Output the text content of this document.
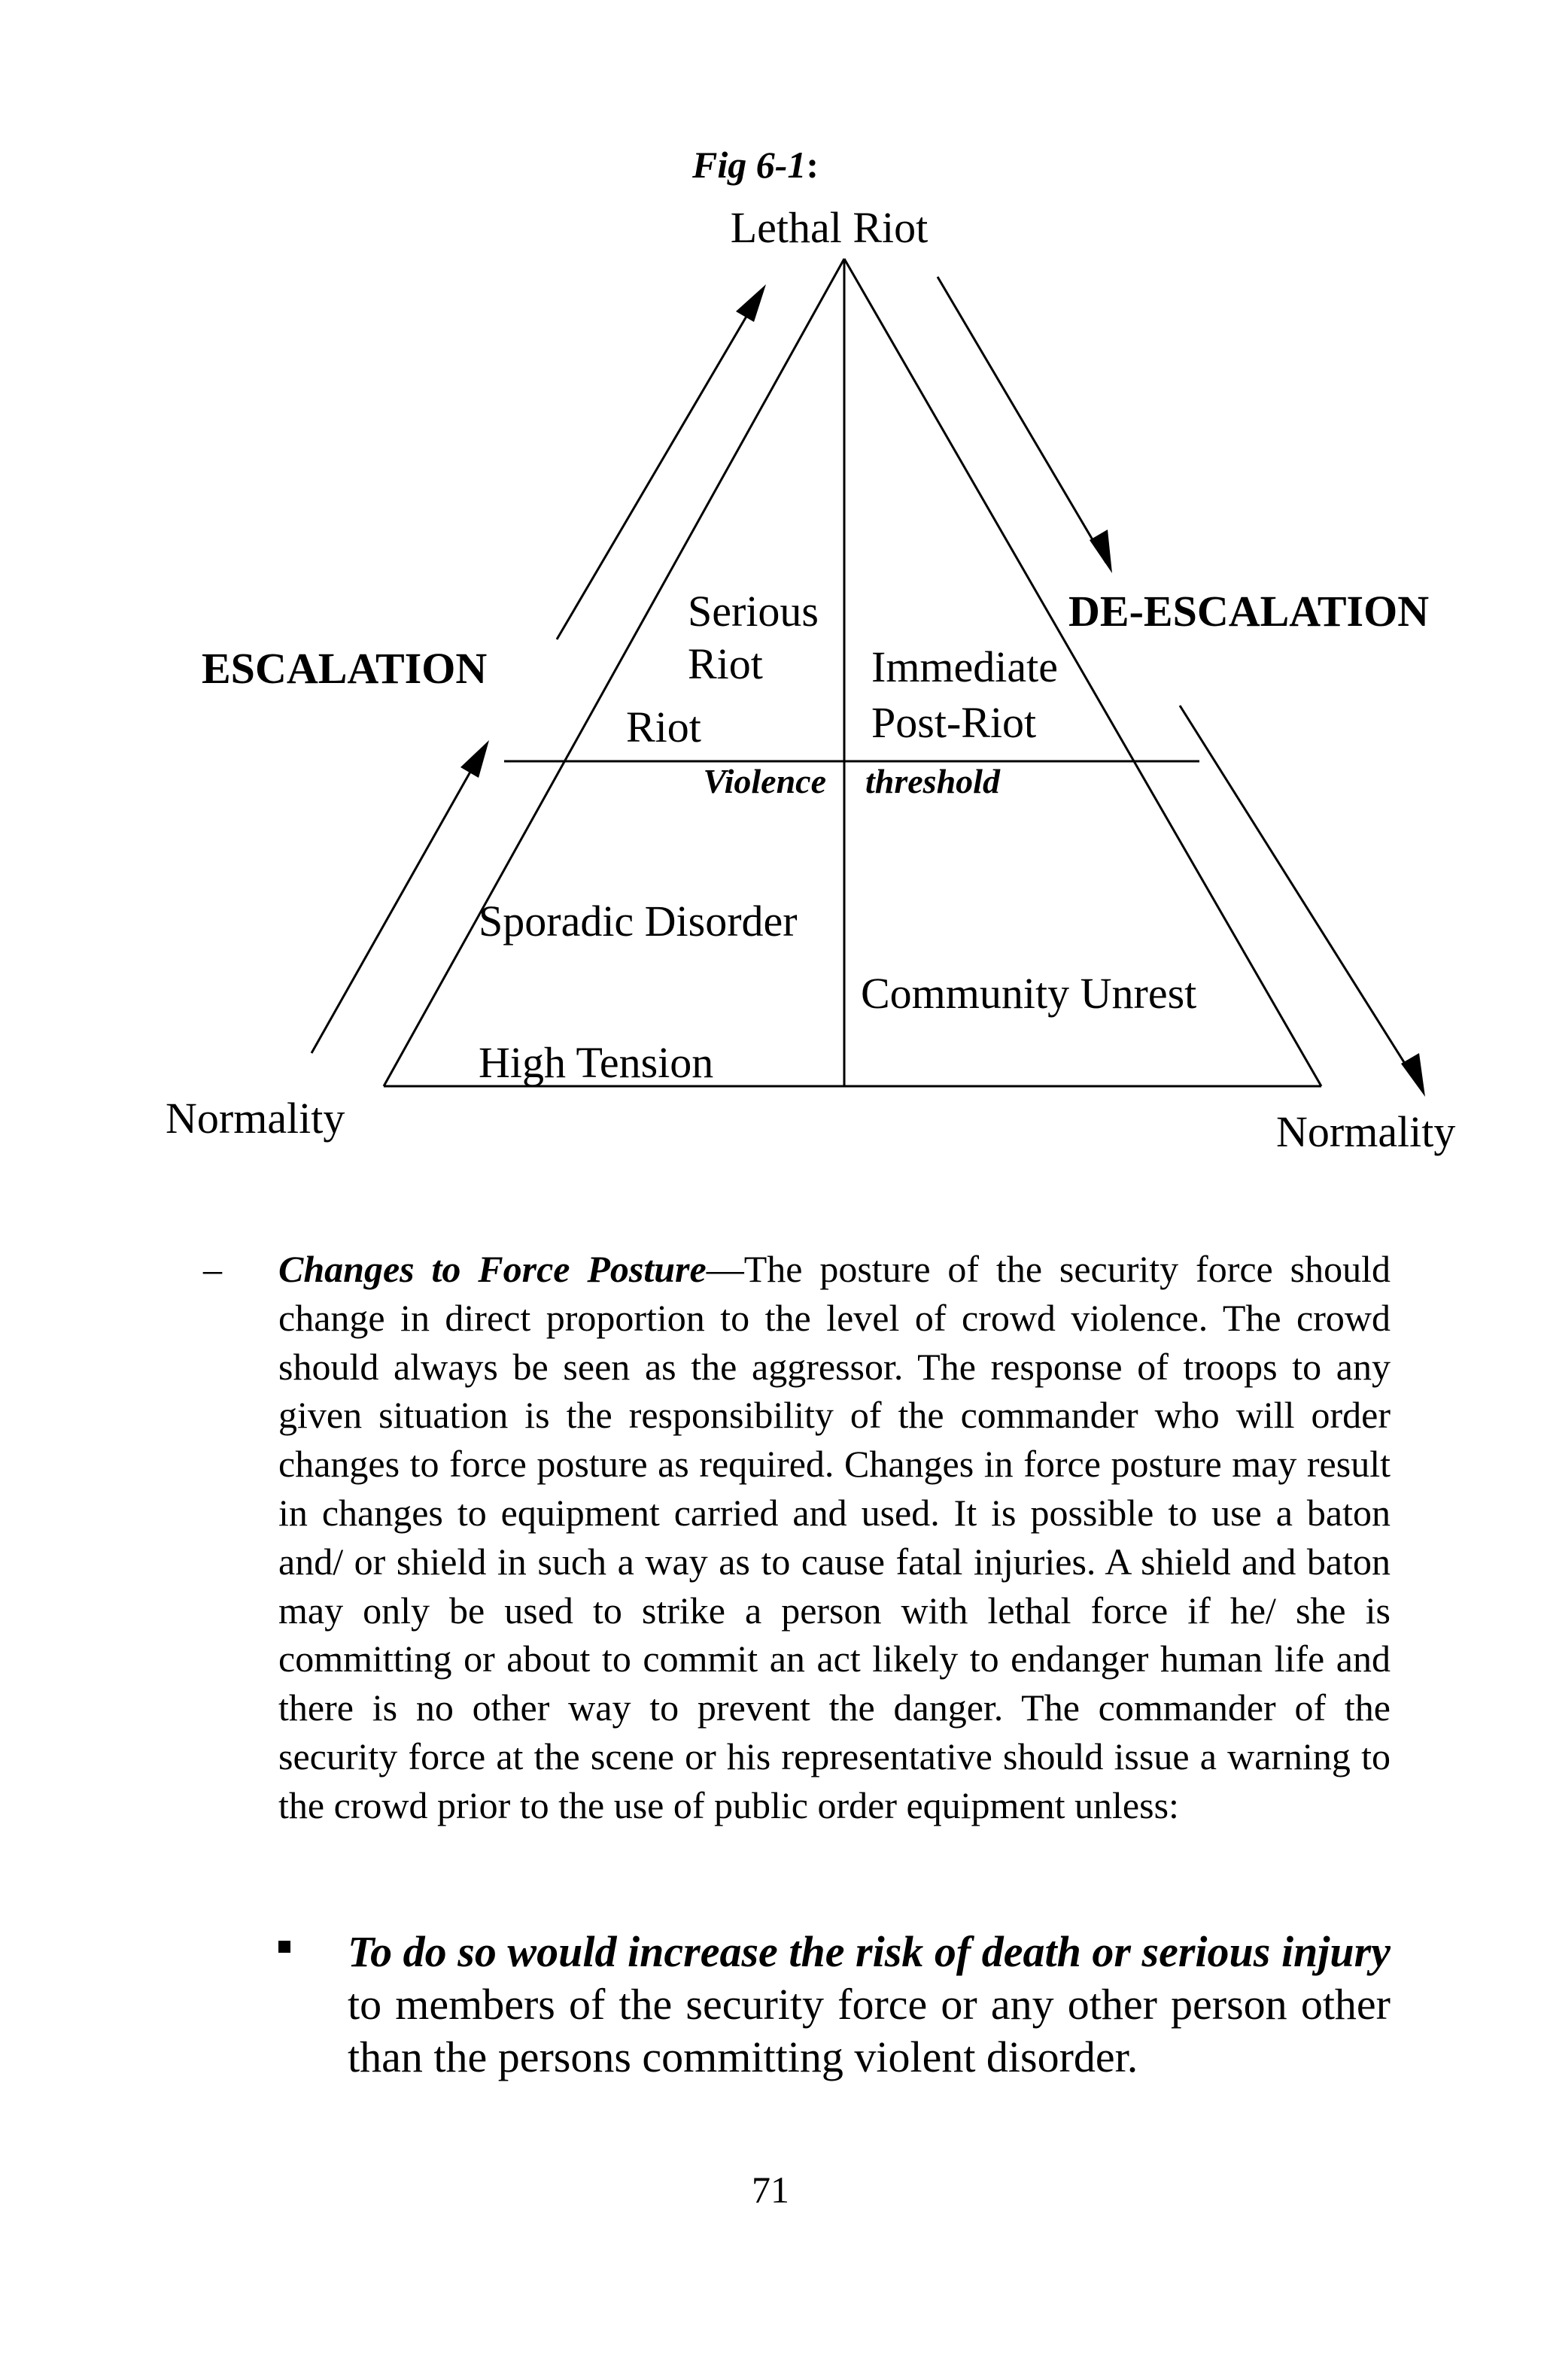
Fig 6-1:
Lethal Riot
ESCALATION
DE-ESCALATION
Normality	Normality
Serious
Riot
Riot
Sporadic Disorder
High Tension
Immediate
Post-Riot
Community Unrest
Violence threshold
– Changes to Force Posture—The posture of the security force should change in direct proportion to the level of crowd violence. The crowd should always be seen as the aggressor. The response of troops to any given situation is the responsibility of the commander who will order changes to force posture as required. Changes in force posture may result in changes to equipment carried and used. It is possible to use a baton and/ or shield in such a way as to cause fatal injuries. A shield and baton may only be used to strike a person with lethal force if he/ she is committing or about to commit an act likely to endanger human life and there is no other way to prevent the danger. The commander of the security force at the scene or his representative should issue a warning to the crowd prior to the use of public order equipment unless:
To do so would increase the risk of death or serious injury to members of the security force or any other person other than the persons committing violent disorder.
71
